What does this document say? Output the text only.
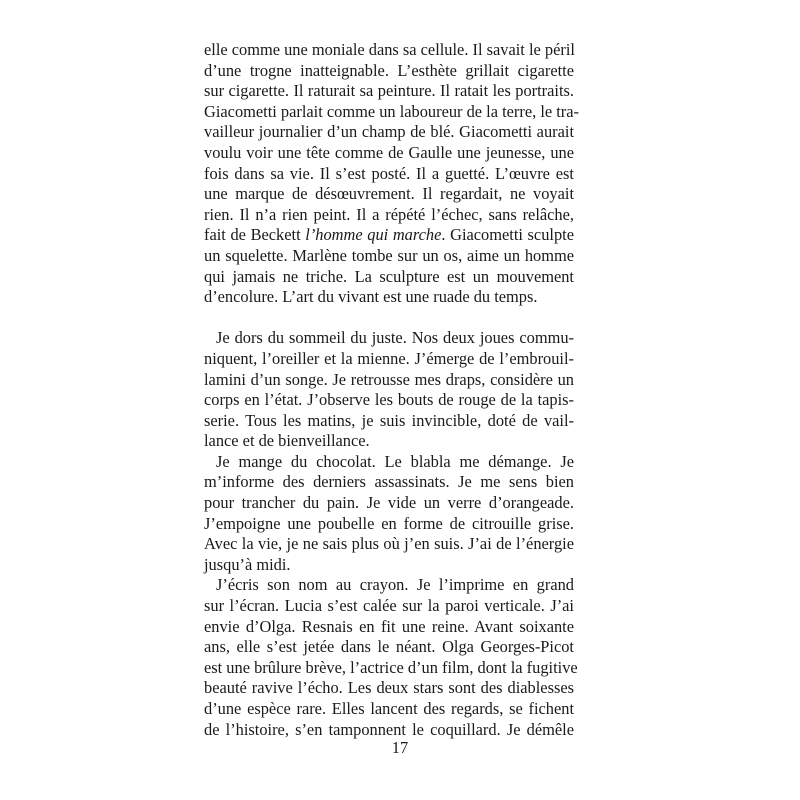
elle comme une moniale dans sa cellule. Il savait le péril
d’une trogne inatteignable. L’esthète grillait cigarette
sur cigarette. Il raturait sa peinture. Il ratait les portraits.
Giacometti parlait comme un laboureur de la terre, le tra-
vailleur journalier d’un champ de blé. Giacometti aurait
voulu voir une tête comme de Gaulle une jeunesse, une
fois dans sa vie. Il s’est posté. Il a guetté. L’œuvre est
une marque de désœuvrement. Il regardait, ne voyait
rien. Il n’a rien peint. Il a répété l’échec, sans relâche,
fait de Beckett l’homme qui marche. Giacometti sculpte
un squelette. Marlène tombe sur un os, aime un homme
qui jamais ne triche. La sculpture est un mouvement
d’encolure. L’art du vivant est une ruade du temps.
Je dors du sommeil du juste. Nos deux joues commu-
niquent, l’oreiller et la mienne. J’émerge de l’embrouil-
lamini d’un songe. Je retrousse mes draps, considère un
corps en l’état. J’observe les bouts de rouge de la tapis-
serie. Tous les matins, je suis invincible, doté de vail-
lance et de bienveillance.
Je mange du chocolat. Le blabla me démange. Je
m’informe des derniers assassinats. Je me sens bien
pour trancher du pain. Je vide un verre d’orangeade.
J’empoigne une poubelle en forme de citrouille grise.
Avec la vie, je ne sais plus où j’en suis. J’ai de l’énergie
jusqu’à midi.
J’écris son nom au crayon. Je l’imprime en grand
sur l’écran. Lucia s’est calée sur la paroi verticale. J’ai
envie d’Olga. Resnais en fit une reine. Avant soixante
ans, elle s’est jetée dans le néant. Olga Georges-Picot
est une brûlure brève, l’actrice d’un film, dont la fugitive
beauté ravive l’écho. Les deux stars sont des diablesses
d’une espèce rare. Elles lancent des regards, se fichent
de l’histoire, s’en tamponnent le coquillard. Je démêle
17
